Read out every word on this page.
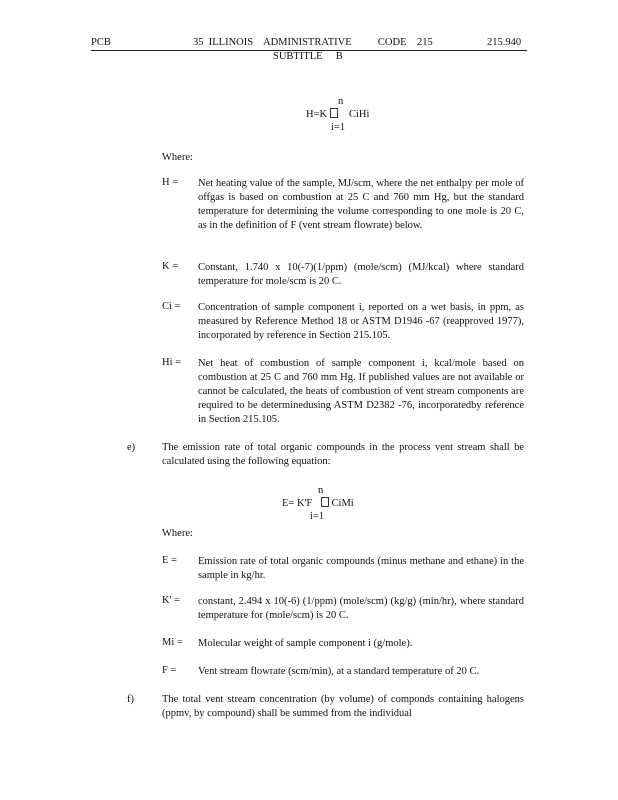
PCB	35  ILLINOIS    ADMINISTRATIVE          CODE    215	215.940
SUBTITLE     B
n
H=K CiHi
i=1
Where:
H = Net heating value of the sample, MJ/scm, where the net enthalpy per mole of offgas is based on combustion at 25 C and 760 mm Hg, but the standard temperature for determining the volume corresponding to one mole is 20 C, as in the definition of F (vent stream flowrate) below.
K = Constant, 1.740 x 10(-7)(1/ppm) (mole/scm) (MJ/kcal) where standard temperature for mole/scm is 20 C.
Ci = Concentration of sample component i, reported on a wet basis, in ppm, as measured by Reference Method 18 or ASTM D1946 -67 (reapproved 1977), incorporated by reference in Section 215.105.
Hi = Net heat of combustion of sample component i, kcal/mole based on combustion at 25 C and 760 mm Hg. If published values are not available or cannot be calculated, the heats of combustion of vent stream components are required to be determinedusing ASTM D2382 -76, incorporatedby reference in Section 215.105.
e)	The emission rate of total organic compounds in the process vent stream shall be calculated using the following equation:
n
E= K'F CiMi
i=1
Where:
E = Emission rate of total organic compounds (minus methane and ethane) in the sample in kg/hr.
K' = constant, 2.494 x 10(-6) (1/ppm) (mole/scm) (kg/g) (min/hr), where standard temperature for (mole/scm) is 20 C.
Mi = Molecular weight of sample component i (g/mole).
F = Vent stream flowrate (scm/min), at a standard temperature of 20 C.
f)	The total vent stream concentration (by volume) of componds containing halogens (ppmv, by compound) shall be summed from the individual
